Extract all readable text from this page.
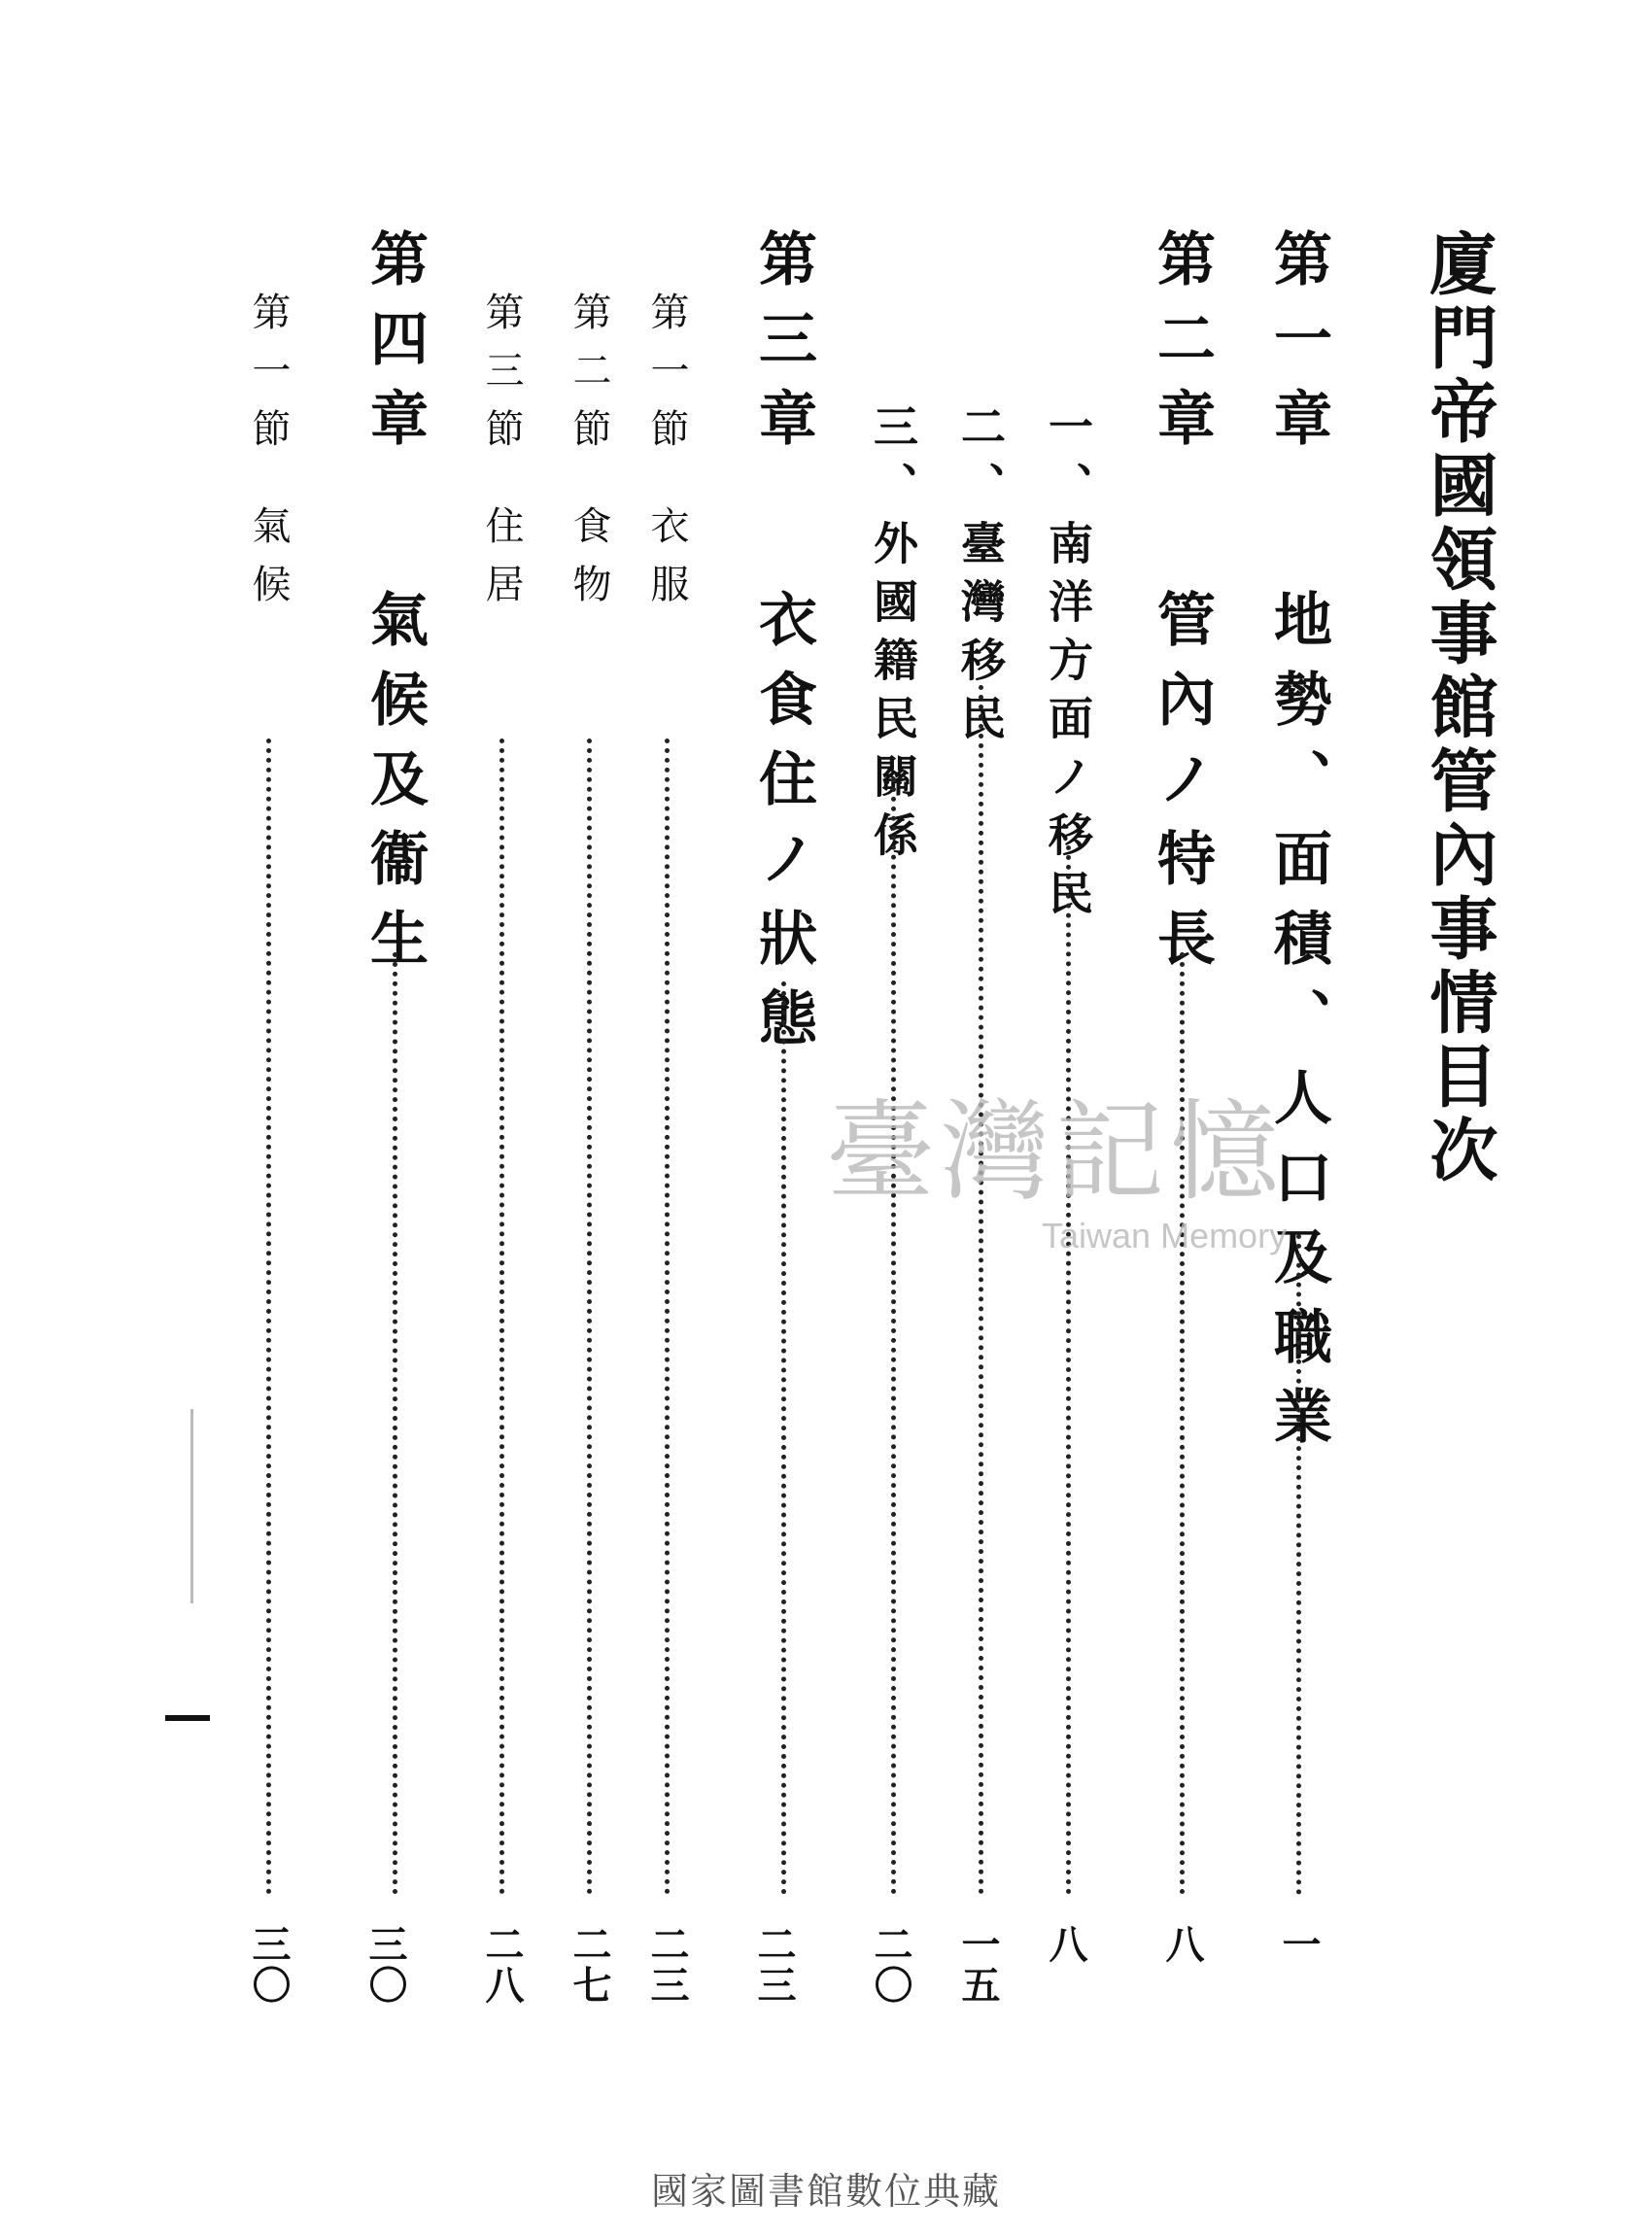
廈門帝國領事館管內事情目次
第一章
地勢、面積、人口及職業
第二章
管內ノ特長
一、
南洋方面ノ移民
二、
臺灣移民
三、
外國籍民關係
第三章
衣食住ノ狀態
第一節
衣服
第二節
食物
第三節
住居
第四章
氣候及衞生
第一節
氣候
一
八
八
一五
二〇
二三
二三
二七
二八
三〇
三〇
臺灣記憶
Taiwan Memory
國家圖書館數位典藏
